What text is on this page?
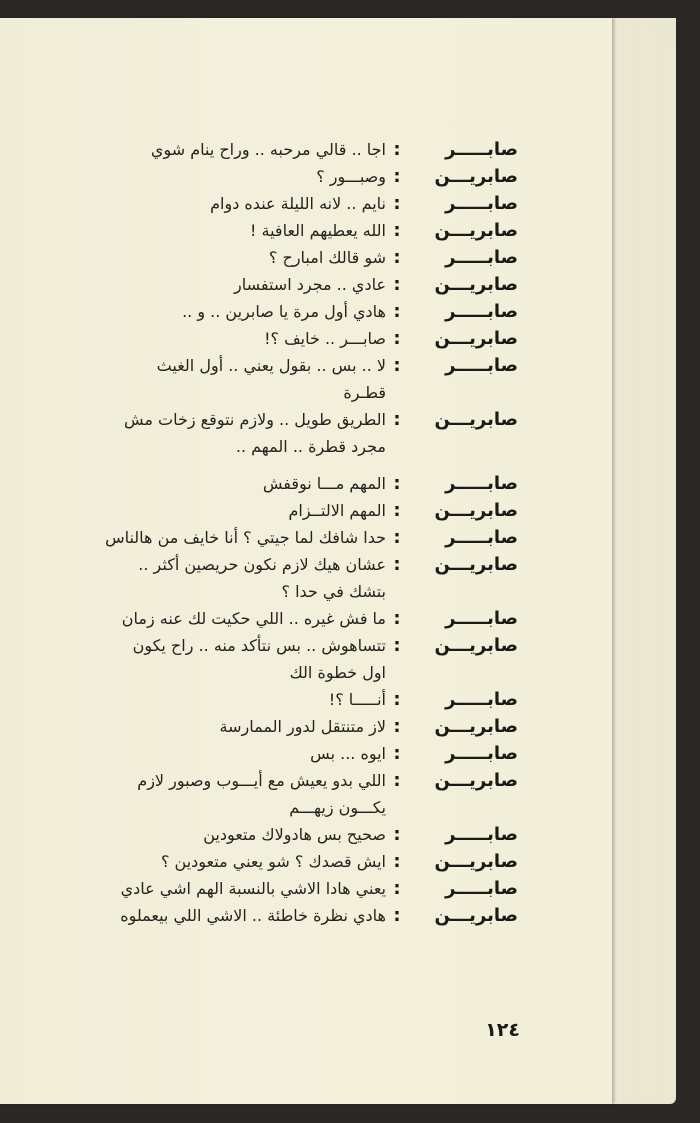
صابـــــر
:
اجا .. قالي مرحبه .. وراح ينام شوي
صابريـــن
:
وصبـــور ؟
صابـــــر
:
نايم .. لانه الليلة عنده دوام
صابريـــن
:
الله يعطيهم العافية !
صابـــــر
:
شو قالك امبارح ؟
صابريـــن
:
عادي .. مجرد استفسار
صابـــــر
:
هادي أول مرة يا صابرين .. و ..
صابريـــن
:
صابـــر .. خايف ؟!
صابـــــر
:
لا .. بس .. بقول يعني .. أول الغيث
قطـرة
صابريـــن
:
الطريق طويل .. ولازم نتوقع زخات مش
مجرد قطرة .. المهم ..
صابـــــر
:
المهم مـــا نوقفش
صابريـــن
:
المهم الالتــزام
صابـــــر
:
حدا شافك لما جيتي ؟ أنا خايف من هالناس
صابريـــن
:
عشان هيك لازم نكون حريصين أكثر ..
بتشك في حدا ؟
صابـــــر
:
ما فش غيره .. اللي حكيت لك عنه زمان
صابريـــن
:
تتساهوش .. بس نتأكد منه .. راح يكون
اول خطوة الك
صابـــــر
:
أنـــــا ؟!
صابريـــن
:
لاز متنتقل لدور الممارسة
صابـــــر
:
ايوه ... بس
صابريـــن
:
اللي بدو يعيش مع أيـــوب وصبور لازم
يكـــون زيهـــم
صابـــــر
:
صحيح بس هادولاك متعودين
صابريـــن
:
ايش قصدك ؟ شو يعني متعودين ؟
صابـــــر
:
يعني هادا الاشي بالنسبة الهم اشي عادي
صابريـــن
:
هادي نظرة خاطئة .. الاشي اللي بيعملوه
١٢٤
